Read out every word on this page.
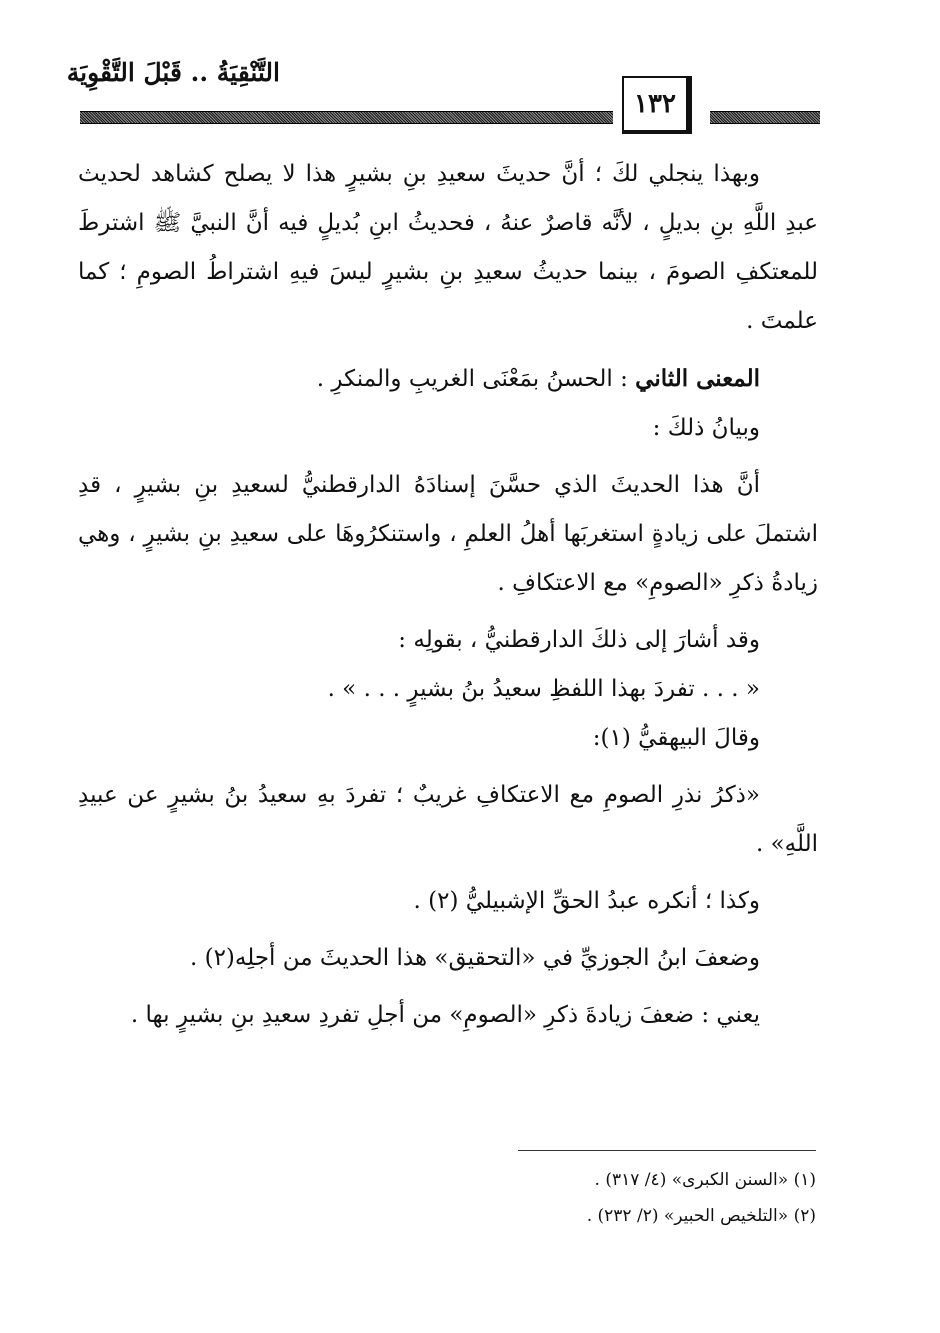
التَّنْقِيَةُ .. قَبْلَ التَّقْوِيَة
١٣٢

وبهذا ينجلي لكَ ؛ أنَّ حديثَ سعيدِ بنِ بشيرٍ هذا لا يصلح كشاهد لحديث عبدِ اللَّهِ بنِ بديلٍ ، لأنَّه قاصرٌ عنهُ ، فحديثُ ابنِ بُديلٍ فيه أنَّ النبيَّ ﷺ اشترطَ للمعتكفِ الصومَ ، بينما حديثُ سعيدِ بنِ بشيرٍ ليسَ فيهِ اشتراطُ الصومِ ؛ كما علمتَ .

المعنى الثاني : الحسنُ بمَعْنَى الغريبِ والمنكرِ .

وبيانُ ذلكَ :

أنَّ هذا الحديثَ الذي حسَّنَ إسنادَهُ الدارقطنيُّ لسعيدِ بنِ بشيرٍ ، قدِ اشتملَ على زيادةٍ استغربَها أهلُ العلمِ ، واستنكرُوهَا على سعيدِ بنِ بشيرٍ ، وهي زيادةُ ذكرِ «الصومِ» مع الاعتكافِ .

وقد أشارَ إلى ذلكَ الدارقطنيُّ ، بقولِه :

« . . . تفردَ بهذا اللفظِ سعيدُ بنُ بشيرٍ . . . » .

وقالَ البيهقيُّ (١):

«ذكرُ نذرِ الصومِ مع الاعتكافِ غريبٌ ؛ تفردَ بهِ سعيدُ بنُ بشيرٍ عن عبيدِ اللَّهِ» .

وكذا ؛ أنكره عبدُ الحقِّ الإشبيليُّ (٢) .

وضعفَ ابنُ الجوزيِّ في «التحقيق» هذا الحديثَ من أجلِه(٢) .

يعني : ضعفَ زيادةَ ذكرِ «الصومِ» من أجلِ تفردِ سعيدِ بنِ بشيرٍ بها .

(١) «السنن الكبرى» (٤/ ٣١٧) .

(٢) «التلخيص الحبير» (٢/ ٢٣٢) .
